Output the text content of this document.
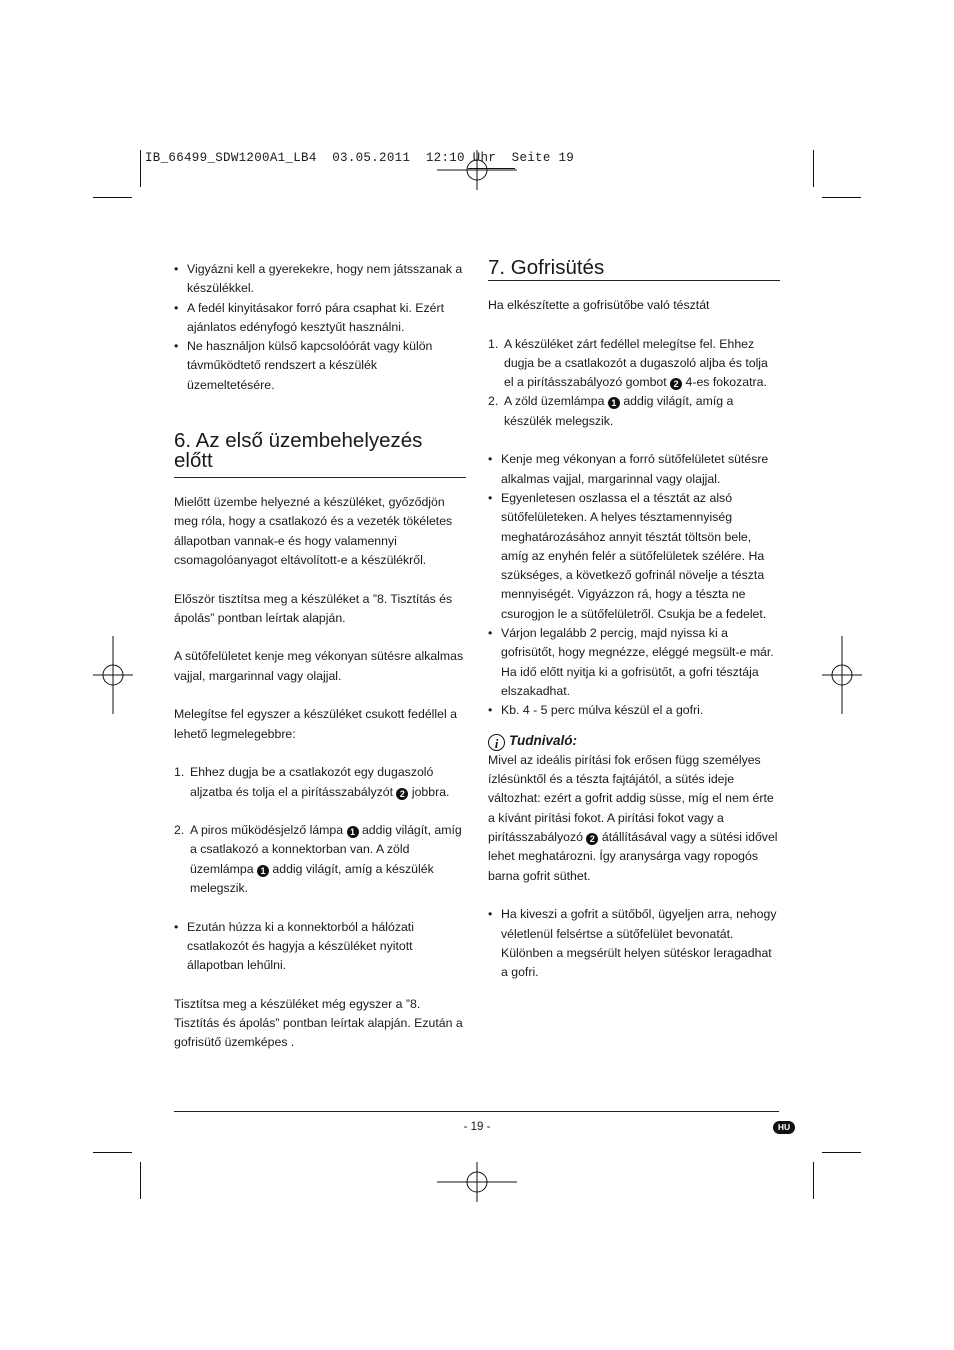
IB_66499_SDW1200A1_LB4  03.05.2011  12:10 Uhr  Seite 19

• Vigyázni kell a gyerekekre, hogy nem játsszanak a készülékkel.

• A fedél kinyitásakor forró pára csaphat ki. Ezért ajánlatos edényfogó kesztyűt használni.

• Ne használjon külső kapcsolóórát vagy külön távműködtető rendszert a készülék üzemeltetésére.

6. Az első üzembehelyezés
előtt

Mielőtt üzembe helyezné a készüléket, győződjön meg róla, hogy a csatlakozó és a vezeték tökéletes állapotban vannak-e és hogy valamennyi csomagolóanyagot eltávolított-e a készülékről.

Először tisztítsa meg a készüléket a ”8. Tisztítás és ápolás” pontban leírtak alapján.

A sütőfelületet kenje meg vékonyan sütésre alkalmas vajjal, margarinnal vagy olajjal.

Melegítse fel egyszer a készüléket csukott fedéllel a lehető legmelegebbre:

1. Ehhez dugja be a csatlakozót egy dugaszoló aljzatba és tolja el a pirításszabályzót 2 jobbra.

2. A piros működésjelző lámpa 1 addig világít, amíg a csatlakozó a konnektorban van. A zöld üzemlámpa 1 addig világít, amíg a készülék melegszik.

• Ezután húzza ki a konnektorból a hálózati csatlakozót és hagyja a készüléket nyitott állapotban lehűlni.

Tisztítsa meg a készüléket még egyszer a ”8. Tisztítás és ápolás” pontban leírtak alapján. Ezután a gofrisütő üzemképes .

7. Gofrisütés

Ha elkészítette a gofrisütőbe való tésztát

1. A készüléket zárt fedéllel melegítse fel. Ehhez dugja be a csatlakozót a dugaszoló aljba és tolja el a pirításszabályozó gombot 2 4-es fokozatra.

2. A zöld üzemlámpa 1 addig világít, amíg a készülék melegszik.

• Kenje meg vékonyan a forró sütőfelületet sütésre alkalmas vajjal, margarinnal vagy olajjal.

• Egyenletesen oszlassa el a tésztát az alsó sütőfelületeken. A helyes tésztamennyiség meghatározásához annyit tésztát töltsön bele, amíg az enyhén felér a sütőfelületek szélére. Ha szükséges, a következő gofrinál növelje a tészta mennyiségét. Vigyázzon rá, hogy a tészta ne csurogjon le a sütőfelületről. Csukja be a fedelet.

• Várjon legalább 2 percig, majd nyissa ki a gofrisütőt, hogy megnézze, eléggé megsült-e már. Ha idő előtt nyitja ki a gofrisütőt, a gofri tésztája elszakadhat.

• Kb. 4 - 5 perc múlva készül el a gofri.

i Tudnivaló:

Mivel az ideális pirítási fok erősen függ személyes ízlésünktől és a tészta fajtájától, a sütés ideje változhat: ezért a gofrit addig süsse, míg el nem érte a kívánt pirítási fokot. A pirítási fokot vagy a pirításszabályozó 2 átállításával vagy a sütési idővel lehet meghatározni. Így aranysárga vagy ropogós barna gofrit süthet.

• Ha kiveszi a gofrit a sütőből, ügyeljen arra, nehogy véletlenül felsértse a sütőfelület bevonatát. Különben a megsérült helyen sütéskor leragadhat a gofri.

- 19 -	HU
